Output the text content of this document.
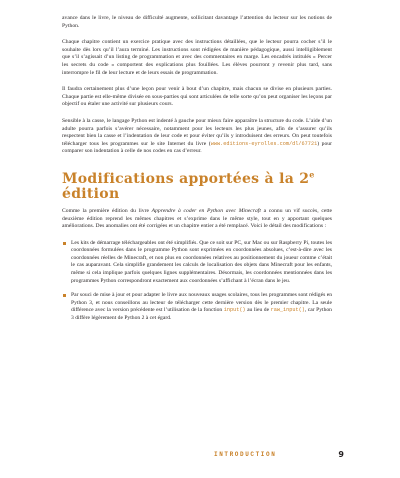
avance dans le livre, le niveau de difficulté augmente, sollicitant davantage l’attention du lecteur sur les notions de Python.

Chaque chapitre contient un exercice pratique avec des instructions détaillées, que le lecteur pourra cocher s’il le souhaite dès lors qu’il l’aura terminé. Les instructions sont rédigées de manière pédagogique, aussi intelligiblement que s’il s’agissait d’un listing de programmation et avec des commentaires en marge. Les encadrés intitulés « Percer les secrets du code » comportent des explications plus fouillées. Les élèves pourront y revenir plus tard, sans interrompre le fil de leur lecture et de leurs essais de programmation.

Il faudra certainement plus d’une leçon pour venir à bout d’un chapitre, mais chacun se divise en plusieurs parties. Chaque partie est elle-même divisée en sous-parties qui sont articulées de telle sorte qu’on peut organiser les leçons par objectif ou étaler une activité sur plusieurs cours.

Sensible à la casse, le langage Python est indenté à gauche pour mieux faire apparaître la structure du code. L’aide d’un adulte pourra parfois s’avérer nécessaire, notamment pour les lecteurs les plus jeunes, afin de s’assurer qu’ils respectent bien la casse et l’indentation de leur code et pour éviter qu’ils y introduisent des erreurs. On peut toutefois télécharger tous les programmes sur le site Internet du livre (www.editions-eyrolles.com/dl/67721) pour comparer son indentation à celle de nos codes en cas d’erreur.

Modifications apportées à la 2e édition

Comme la première édition du livre Apprendre à coder en Python avec Minecraft a connu un vif succès, cette deuxième édition reprend les mêmes chapitres et s’exprime dans le même style, tout en y apportant quelques améliorations. Des anomalies ont été corrigées et un chapitre entier a été remplacé. Voici le détail des modifications :

Les kits de démarrage téléchargeables ont été simplifiés. Que ce soit sur PC, sur Mac ou sur Raspberry Pi, toutes les coordonnées formulées dans le programme Python sont exprimées en coordonnées absolues, c’est-à-dire avec les coordonnées réelles de Minecraft, et non plus en coordonnées relatives au positionnement du joueur comme c’était le cas auparavant. Cela simplifie grandement les calculs de localisation des objets dans Minecraft pour les enfants, même si cela implique parfois quelques lignes supplémentaires. Désormais, les coordonnées mentionnées dans les programmes Python correspondront exactement aux coordonnées s’affichant à l’écran dans le jeu.
Par souci de mise à jour et pour adapter le livre aux nouveaux usages scolaires, tous les programmes sont rédigés en Python 3, et nous conseillons au lecteur de télécharger cette dernière version dès le premier chapitre. La seule différence avec la version précédente est l’utilisation de la fonction input() au lieu de raw_input(), car Python 3 diffère légèrement de Python 2 à cet égard.
INTRODUCTION	9
